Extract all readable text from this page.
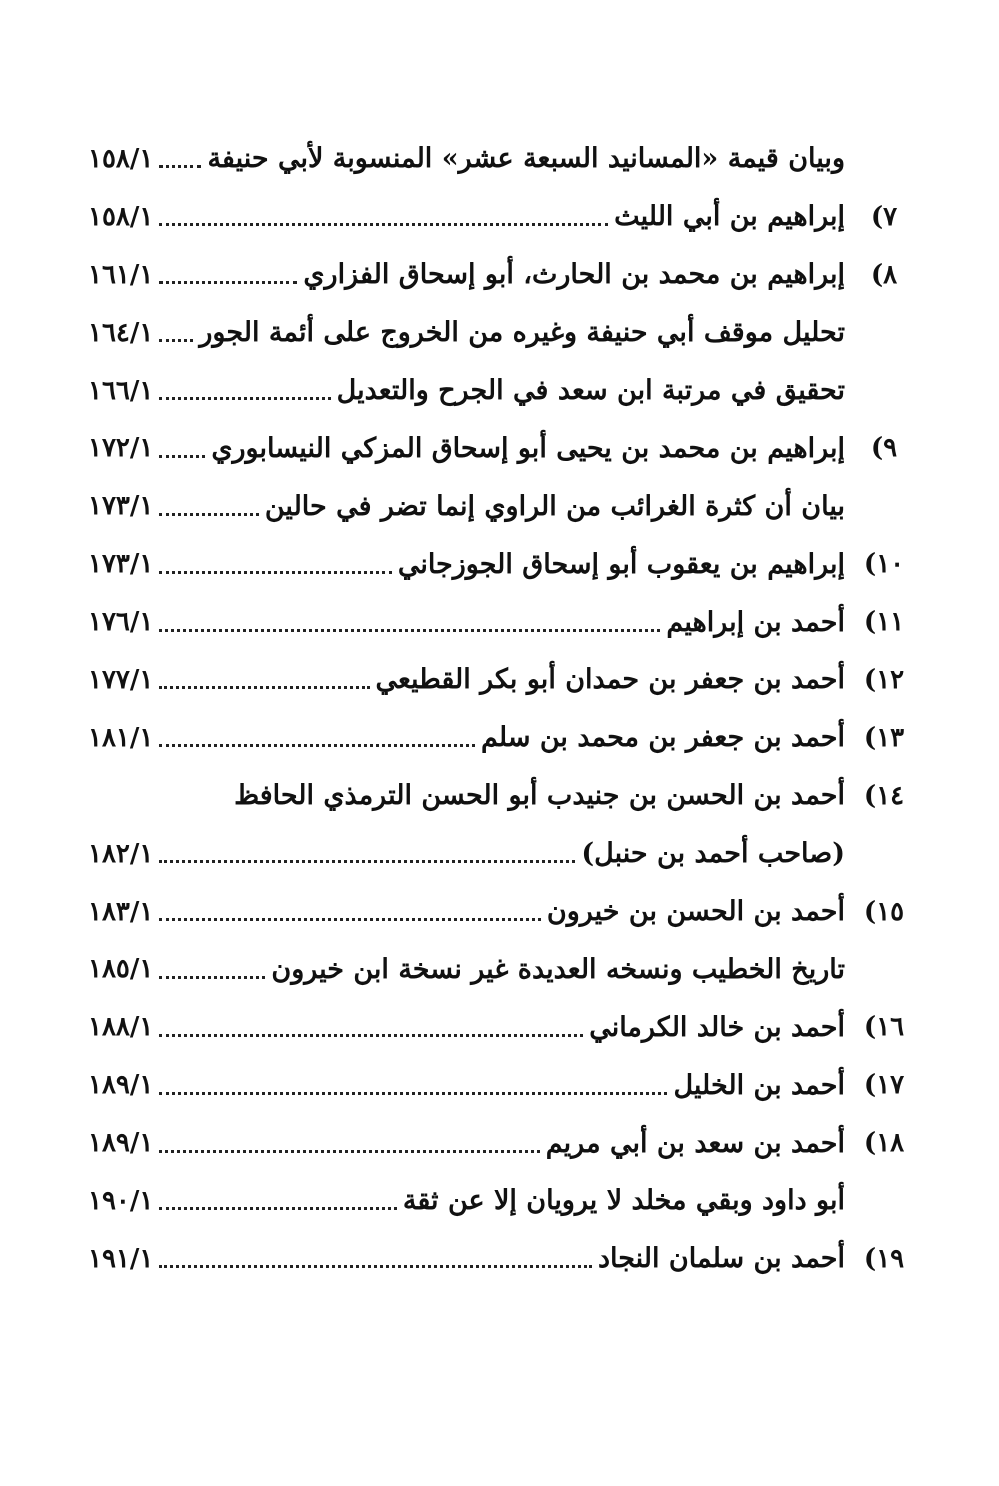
وبيان قيمة «المسانيد السبعة عشر» المنسوبة لأبي حنيفة
١٥٨/١
٧)
إبراهيم بن أبي الليث
١٥٨/١
٨)
إبراهيم بن محمد بن الحارث، أبو إسحاق الفزاري
١٦١/١
تحليل موقف أبي حنيفة وغيره من الخروج على أئمة الجور
١٦٤/١
تحقيق في مرتبة ابن سعد في الجرح والتعديل
١٦٦/١
٩)
إبراهيم بن محمد بن يحيى أبو إسحاق المزكي النيسابوري
١٧٢/١
بيان أن كثرة الغرائب من الراوي إنما تضر في حالين
١٧٣/١
١٠)
إبراهيم بن يعقوب أبو إسحاق الجوزجاني
١٧٣/١
١١)
أحمد بن إبراهيم
١٧٦/١
١٢)
أحمد بن جعفر بن حمدان أبو بكر القطيعي
١٧٧/١
١٣)
أحمد بن جعفر بن محمد بن سلم
١٨١/١
١٤)
أحمد بن الحسن بن جنيدب أبو الحسن الترمذي الحافظ
(صاحب أحمد بن حنبل)
١٨٢/١
١٥)
أحمد بن الحسن بن خيرون
١٨٣/١
تاريخ الخطيب ونسخه العديدة غير نسخة ابن خيرون
١٨٥/١
١٦)
أحمد بن خالد الكرماني
١٨٨/١
١٧)
أحمد بن الخليل
١٨٩/١
١٨)
أحمد بن سعد بن أبي مريم
١٨٩/١
أبو داود وبقي مخلد لا يرويان إلا عن ثقة
١٩٠/١
١٩)
أحمد بن سلمان النجاد
١٩١/١
